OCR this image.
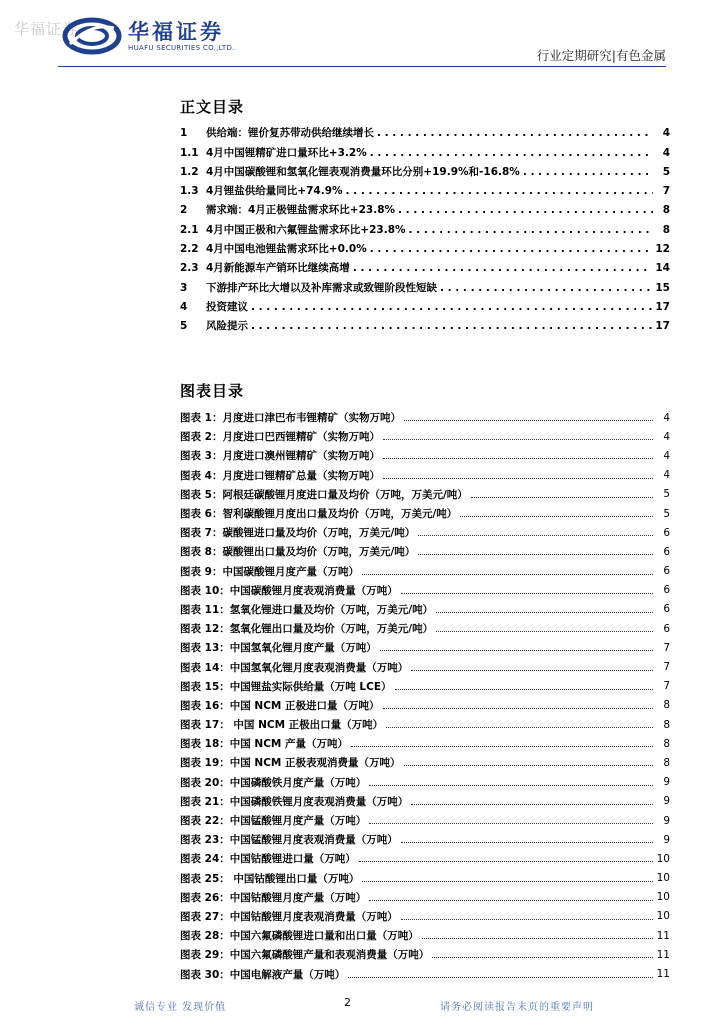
华福证券 华福证券
HUAFU SECURITIES CO.,LTD.	行业定期研究|有色金属
正文目录
1	供给端：锂价复苏带动供给继续增长 . . .	4
1.1 4月中国锂精矿进口量环比+3.2% . . .	4
1.2 4月中国碳酸锂和氢氧化锂表观消费量环比分别+19.9%和-16.8% . . .	5
1.3 4月锂盐供给量同比+74.9% . . .	7
2	需求端：4月正极锂盐需求环比+23.8% . . .	8
2.1 4月中国正极和六氟锂盐需求环比+23.8% . . .	8
2.2 4月中国电池锂盐需求环比+0.0% . . .	12
2.3 4月新能源车产销环比继续高增 . . .	14
3	下游排产环比大增以及补库需求或致锂阶段性短缺 . . .	15
4	投资建议 . . .	17
5	风险提示 . . .	17
图表目录
图表 1：月度进口津巴布韦锂精矿（实物万吨）	4
图表 2：月度进口巴西锂精矿（实物万吨）	4
图表 3：月度进口澳州锂精矿（实物万吨）	4
图表 4：月度进口锂精矿总量（实物万吨）	4
图表 5：阿根廷碳酸锂月度进口量及均价（万吨，万美元/吨）	5
图表 6：智利碳酸锂月度出口量及均价（万吨，万美元/吨）	5
图表 7：碳酸锂进口量及均价（万吨，万美元/吨）	6
图表 8：碳酸锂出口量及均价（万吨，万美元/吨）	6
图表 9：中国碳酸锂月度产量（万吨）	6
图表 10：中国碳酸锂月度表观消费量（万吨）	6
图表 11：氢氧化锂进口量及均价（万吨，万美元/吨）	6
图表 12：氢氧化锂出口量及均价（万吨，万美元/吨）	6
图表 13：中国氢氧化锂月度产量（万吨）	7
图表 14：中国氢氧化锂月度表观消费量（万吨）	7
图表 15：中国锂盐实际供给量（万吨 LCE）	7
图表 16：中国 NCM 正极进口量（万吨）	8
图表 17： 中国 NCM 正极出口量（万吨）	8
图表 18：中国 NCM 产量（万吨）	8
图表 19：中国 NCM 正极表观消费量（万吨）	8
图表 20：中国磷酸铁月度产量（万吨）	9
图表 21：中国磷酸铁锂月度表观消费量（万吨）	9
图表 22：中国锰酸锂月度产量（万吨）	9
图表 23：中国锰酸锂月度表观消费量（万吨）	9
图表 24：中国钴酸锂进口量（万吨）	10
图表 25： 中国钴酸锂出口量（万吨）	10
图表 26：中国钴酸锂月度产量（万吨）	10
图表 27：中国钴酸锂月度表观消费量（万吨）	10
图表 28：中国六氟磷酸锂进口量和出口量（万吨）	11
图表 29：中国六氟磷酸锂产量和表观消费量（万吨）	11
图表 30：中国电解液产量（万吨）	11
诚信专业 发现价值	2	请务必阅读报告末页的重要声明
